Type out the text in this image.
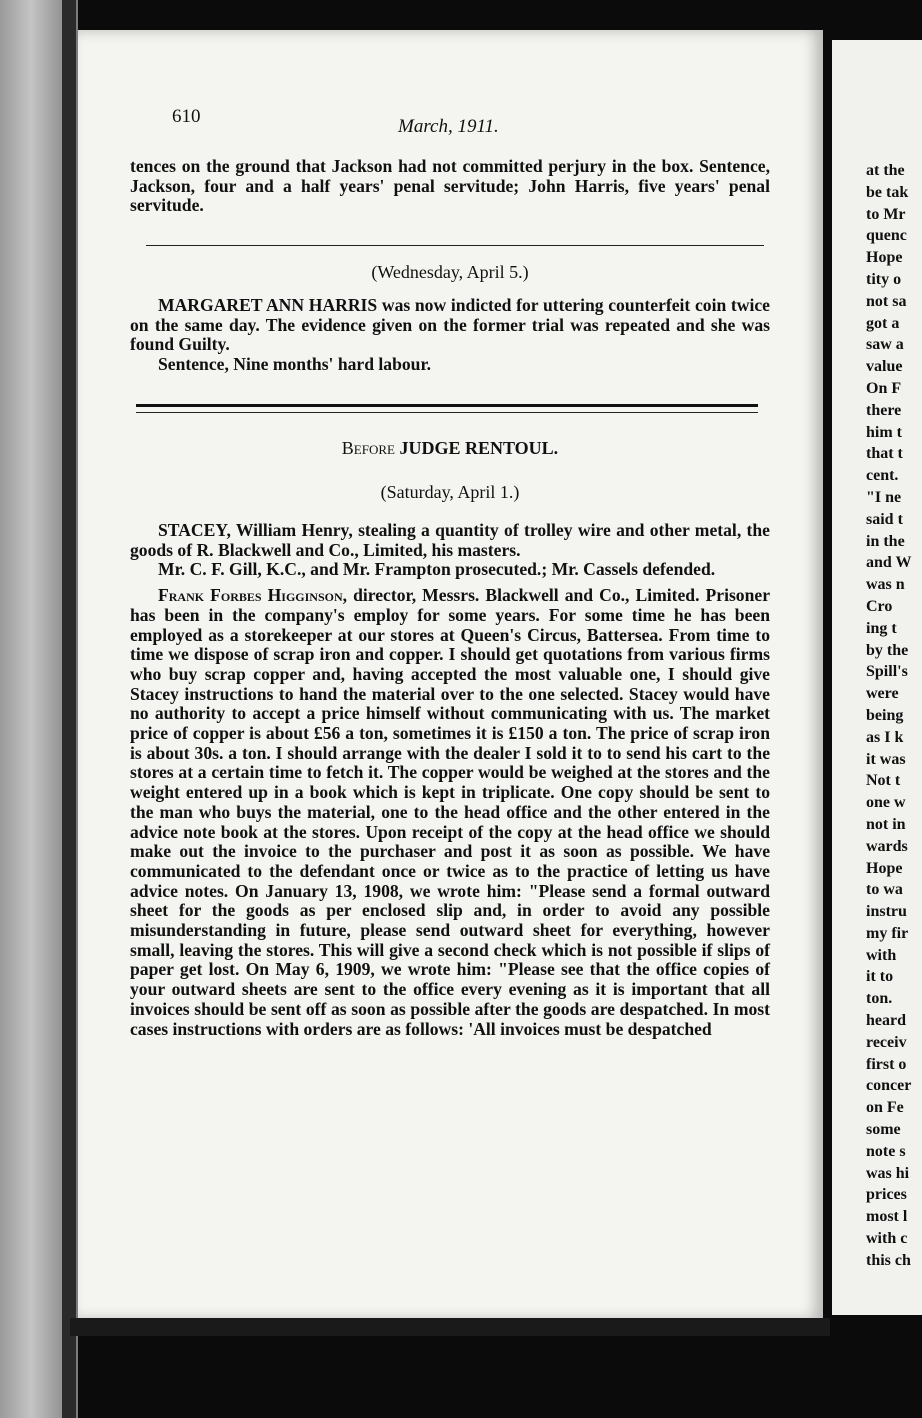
at the
be tak
to Mr
quenc
Hope
tity o
not sa
got a
saw a
value
On F
there
him t
that t
cent.
"I ne
said t
in the
and W
was n
Cro
ing t
by the
Spill's
were
being
as I k
it was
Not t
one w
not in
wards
Hope
to wa
instru
my fir
with
it to
ton.
heard
receiv
first o
concer
on Fe
some
note s
was hi
prices
most l
with c
this ch
610	March, 1911.

tences on the ground that Jackson had not committed perjury in the box. Sentence, Jackson, four and a half years' penal servitude; John Harris, five years' penal servitude.

(Wednesday, April 5.)

MARGARET ANN HARRIS was now indicted for uttering counterfeit coin twice on the same day. The evidence given on the former trial was repeated and she was found Guilty.

Sentence, Nine months' hard labour.

Before JUDGE RENTOUL.
(Saturday, April 1.)

STACEY, William Henry, stealing a quantity of trolley wire and other metal, the goods of R. Blackwell and Co., Limited, his masters.

Mr. C. F. Gill, K.C., and Mr. Frampton prosecuted.; Mr. Cassels defended.

Frank Forbes Higginson, director, Messrs. Blackwell and Co., Limited. Prisoner has been in the company's employ for some years. For some time he has been employed as a storekeeper at our stores at Queen's Circus, Battersea. From time to time we dispose of scrap iron and copper. I should get quotations from various firms who buy scrap copper and, having accepted the most valuable one, I should give Stacey instructions to hand the material over to the one selected. Stacey would have no authority to accept a price himself without communicating with us. The market price of copper is about £56 a ton, sometimes it is £150 a ton. The price of scrap iron is about 30s. a ton. I should arrange with the dealer I sold it to to send his cart to the stores at a certain time to fetch it. The copper would be weighed at the stores and the weight entered up in a book which is kept in triplicate. One copy should be sent to the man who buys the material, one to the head office and the other entered in the advice note book at the stores. Upon receipt of the copy at the head office we should make out the invoice to the purchaser and post it as soon as possible. We have communicated to the defendant once or twice as to the practice of letting us have advice notes. On January 13, 1908, we wrote him: "Please send a formal outward sheet for the goods as per enclosed slip and, in order to avoid any possible misunderstanding in future, please send outward sheet for everything, however small, leaving the stores. This will give a second check which is not possible if slips of paper get lost. On May 6, 1909, we wrote him: "Please see that the office copies of your outward sheets are sent to the office every evening as it is important that all invoices should be sent off as soon as possible after the goods are despatched. In most cases instructions with orders are as follows: 'All invoices must be despatched
